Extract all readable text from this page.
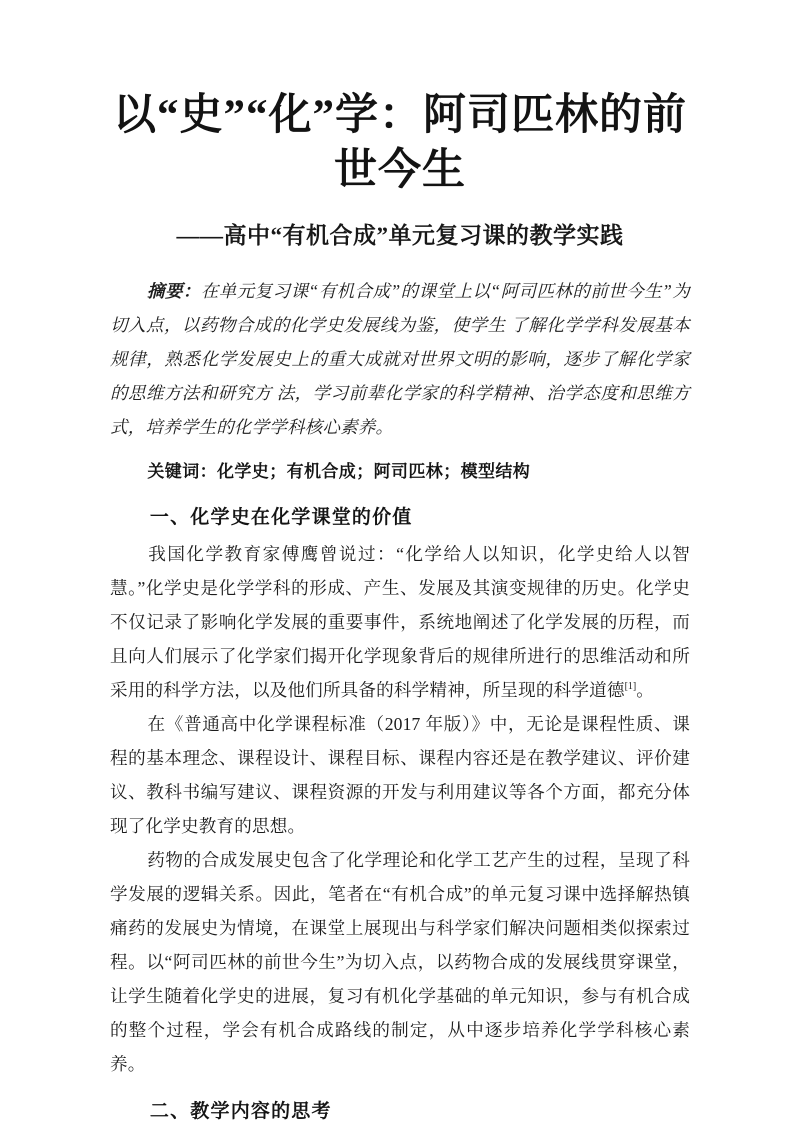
以“史”“化”学：阿司匹林的前世今生
——高中“有机合成”单元复习课的教学实践
摘要：在单元复习课“有机合成”的课堂上以“阿司匹林的前世今生”为切入点，以药物合成的化学史发展线为鉴，使学生 了解化学学科发展基本规律，熟悉化学发展史上的重大成就对世界文明的影响，逐步了解化学家的思维方法和研究方 法，学习前辈化学家的科学精神、治学态度和思维方式，培养学生的化学学科核心素养。
关键词：化学史；有机合成；阿司匹林；模型结构
一、化学史在化学课堂的价值

我国化学教育家傅鹰曾说过：“化学给人以知识，化学史给人以智慧。”化学史是化学学科的形成、产生、发展及其演变规律的历史。化学史不仅记录了影响化学发展的重要事件，系统地阐述了化学发展的历程，而且向人们展示了化学家们揭开化学现象背后的规律所进行的思维活动和所采用的科学方法，以及他们所具备的科学精神，所呈现的科学道德[1]。

在《普通高中化学课程标准（2017 年版）》中，无论是课程性质、课程的基本理念、课程设计、课程目标、课程内容还是在教学建议、评价建议、教科书编写建议、课程资源的开发与利用建议等各个方面，都充分体现了化学史教育的思想。

药物的合成发展史包含了化学理论和化学工艺产生的过程，呈现了科学发展的逻辑关系。因此，笔者在“有机合成”的单元复习课中选择解热镇痛药的发展史为情境，在课堂上展现出与科学家们解决问题相类似探索过程。以“阿司匹林的前世今生”为切入点，以药物合成的发展线贯穿课堂，让学生随着化学史的进展，复习有机化学基础的单元知识，参与有机合成的整个过程，学会有机合成路线的制定，从中逐步培养化学学科核心素养。

二、教学内容的思考
